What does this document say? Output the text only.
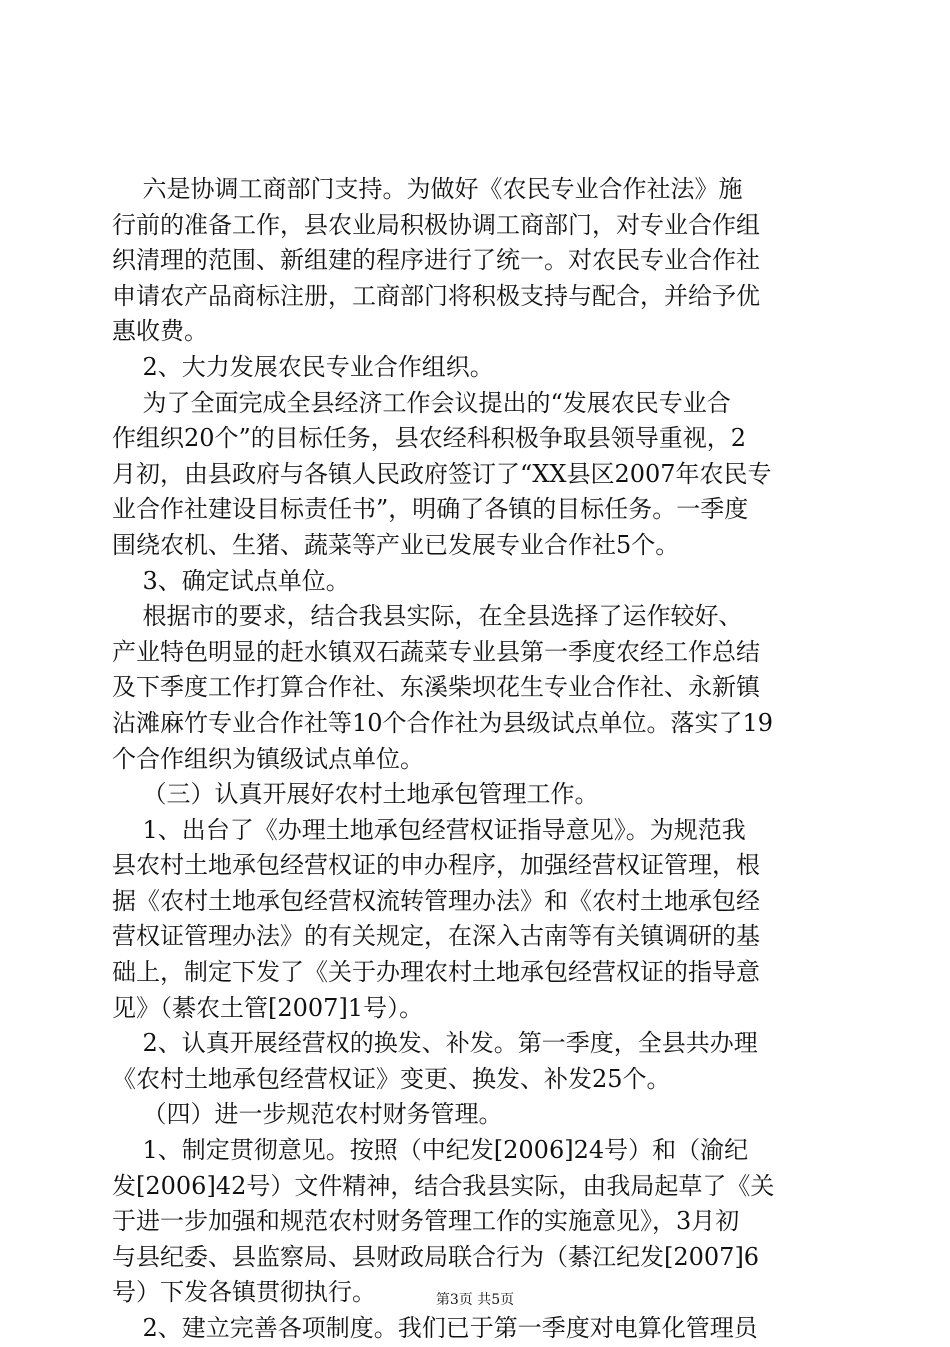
六是协调工商部门支持。为做好《农民专业合作社法》施
行前的准备工作，县农业局积极协调工商部门，对专业合作组
织清理的范围、新组建的程序进行了统一。对农民专业合作社
申请农产品商标注册，工商部门将积极支持与配合，并给予优
惠收费。
2、大力发展农民专业合作组织。
为了全面完成全县经济工作会议提出的“发展农民专业合
作组织20个”的目标任务，县农经科积极争取县领导重视，2
月初，由县政府与各镇人民政府签订了“XX县区2007年农民专
业合作社建设目标责任书”，明确了各镇的目标任务。一季度
围绕农机、生猪、蔬菜等产业已发展专业合作社5个。
3、确定试点单位。
根据市的要求，结合我县实际，在全县选择了运作较好、
产业特色明显的赶水镇双石蔬菜专业县第一季度农经工作总结
及下季度工作打算合作社、东溪柴坝花生专业合作社、永新镇
沾滩麻竹专业合作社等10个合作社为县级试点单位。落实了19
个合作组织为镇级试点单位。
（三）认真开展好农村土地承包管理工作。
1、出台了《办理土地承包经营权证指导意见》。为规范我
县农村土地承包经营权证的申办程序，加强经营权证管理，根
据《农村土地承包经营权流转管理办法》和《农村土地承包经
营权证管理办法》的有关规定，在深入古南等有关镇调研的基
础上，制定下发了《关于办理农村土地承包经营权证的指导意
见》（綦农土管[2007]1号）。
2、认真开展经营权的换发、补发。第一季度，全县共办理
《农村土地承包经营权证》变更、换发、补发25个。
（四）进一步规范农村财务管理。
1、制定贯彻意见。按照（中纪发[2006]24号）和（渝纪
发[2006]42号）文件精神，结合我县实际，由我局起草了《关
于进一步加强和规范农村财务管理工作的实施意见》，3月初
与县纪委、县监察局、县财政局联合行为（綦江纪发[2007]6
号）下发各镇贯彻执行。
2、建立完善各项制度。我们已于第一季度对电算化管理员
第3页 共5页
